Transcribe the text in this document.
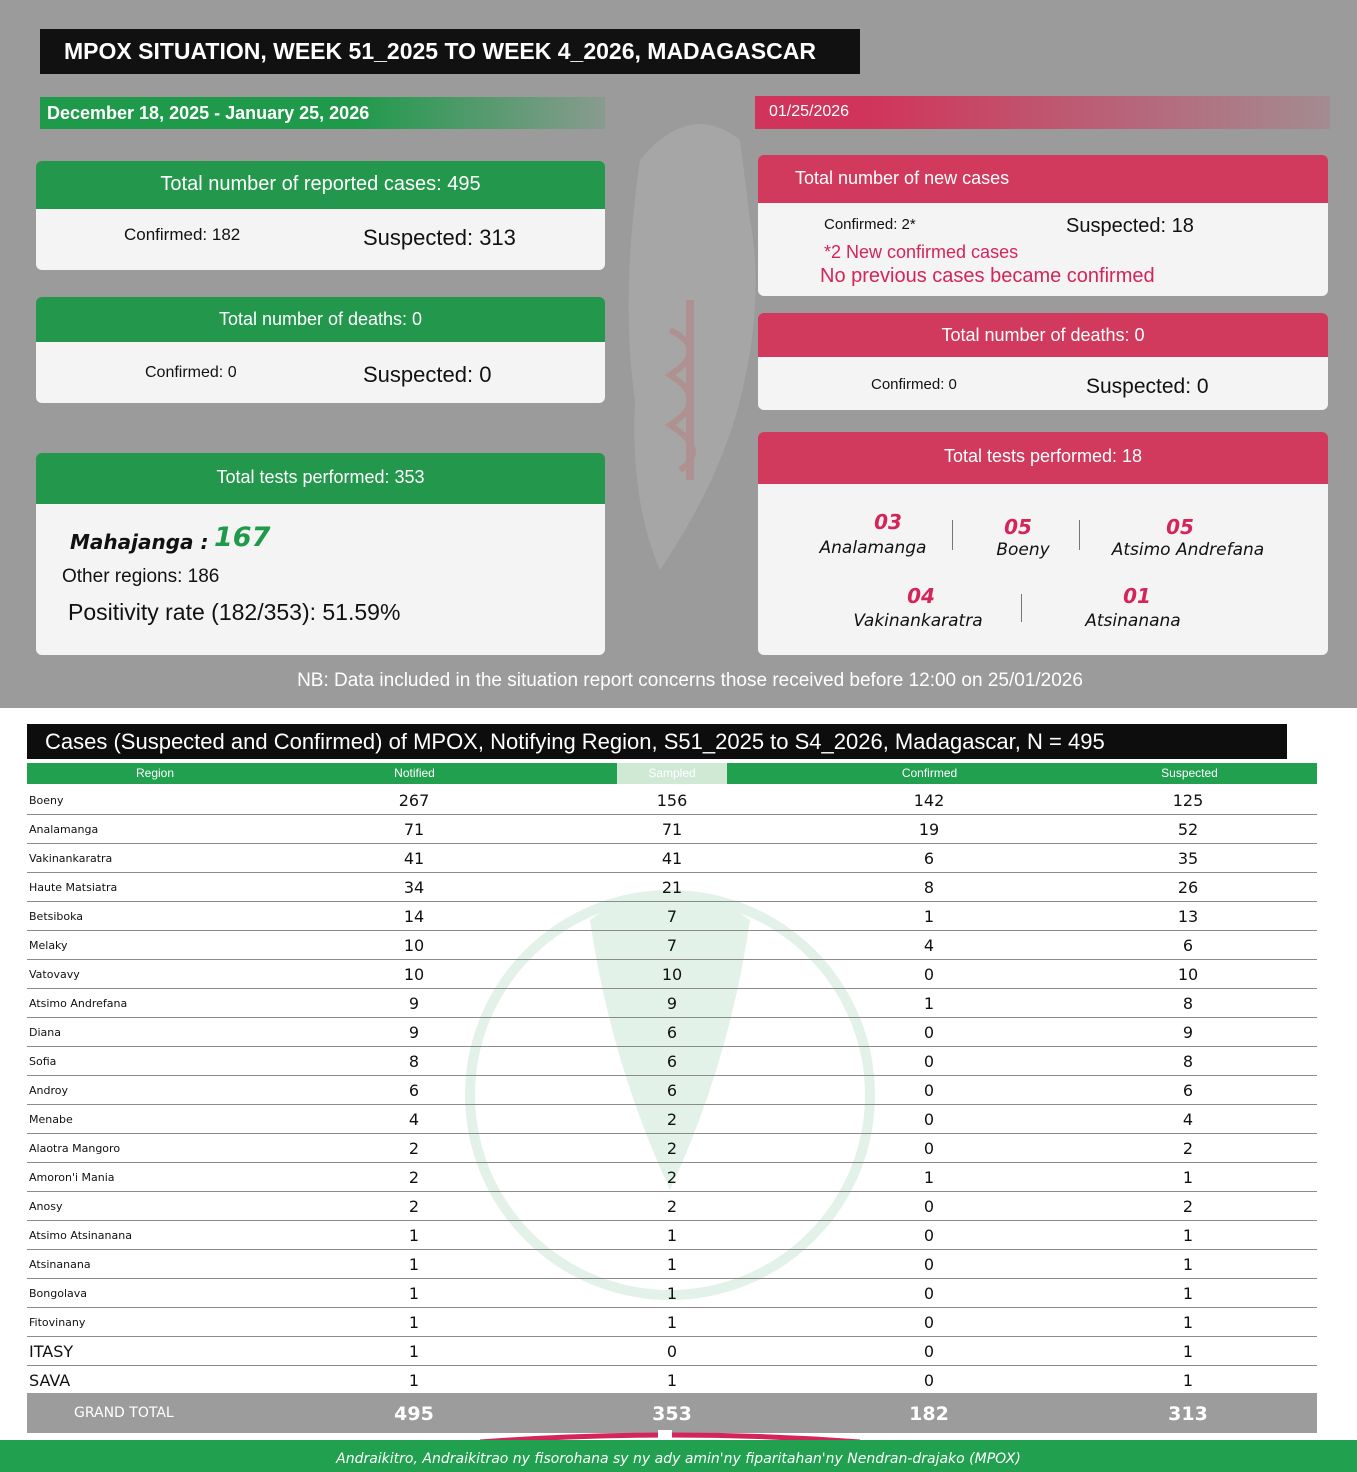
MPOX SITUATION, WEEK 51_2025 TO WEEK 4_2026, MADAGASCAR
December 18, 2025 - January 25, 2026	01/25/2026
Total number of reported cases: 495
Confirmed: 182	Suspected: 313
Total number of deaths: 0
Confirmed: 0	Suspected: 0
Total tests performed: 353
Mahajanga : 167
Other regions: 186
Positivity rate (182/353): 51.59%
Total number of new cases
Confirmed: 2*	Suspected: 18
*2 New confirmed cases
No previous cases became confirmed
Total number of deaths: 0
Confirmed: 0	Suspected: 0
Total tests performed: 18
03
Analamanga
05
Boeny
05
Atsimo Andrefana
04
Vakinankaratra
01
Atsinanana
NB: Data included in the situation report concerns those received before 12:00 on 25/01/2026
Cases (Suspected and Confirmed) of MPOX, Notifying Region, S51_2025 to S4_2026, Madagascar, N = 495
Region	Notified	Sampled	Confirmed	Suspected
Boeny	267	156	142	125
Analamanga	71	71	19	52
Vakinankaratra	41	41	6	35
Haute Matsiatra	34	21	8	26
Betsiboka	14	7	1	13
Melaky	10	7	4	6
Vatovavy	10	10	0	10
Atsimo Andrefana	9	9	1	8
Diana	9	6	0	9
Sofia	8	6	0	8
Androy	6	6	0	6
Menabe	4	2	0	4
Alaotra Mangoro	2	2	0	2
Amoron'i Mania	2	2	1	1
Anosy	2	2	0	2
Atsimo Atsinanana	1	1	0	1
Atsinanana	1	1	0	1
Bongolava	1	1	0	1
Fitovinany	1	1	0	1
ITASY	1	0	0	1
SAVA	1	1	0	1
GRAND TOTAL	495	353	182	313
Andraikitro, Andraikitrao ny fisorohana sy ny ady amin'ny fiparitahan'ny Nendran-drajako (MPOX)
